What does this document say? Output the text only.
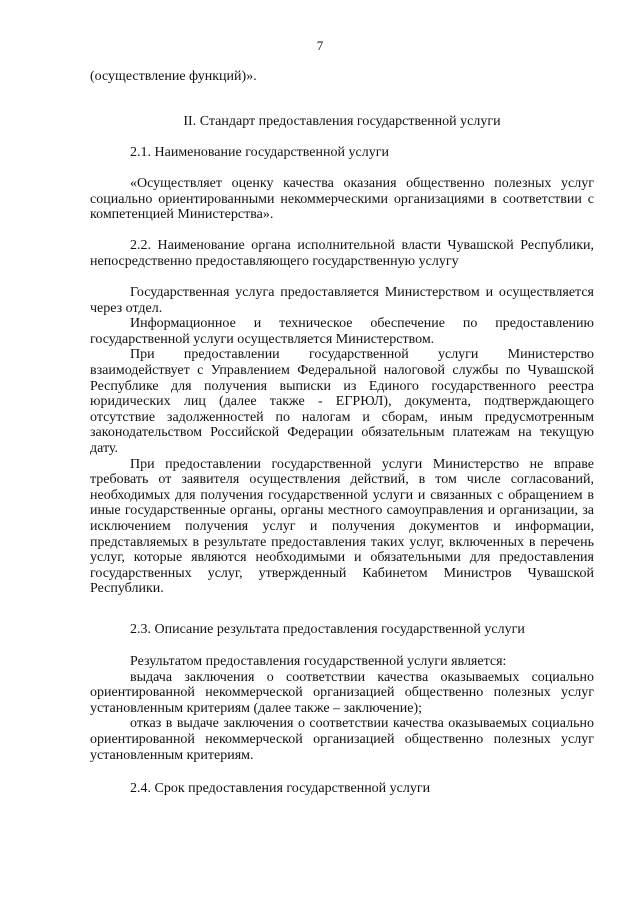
7

(осуществление функций)».

II. Стандарт предоставления государственной услуги

2.1. Наименование государственной услуги

«Осуществляет оценку качества оказания общественно полезных услуг социально ориентированными некоммерческими организациями в соответствии с компетенцией Министерства».

2.2. Наименование органа исполнительной власти Чувашской Республики, непосредственно предоставляющего государственную услугу

Государственная услуга предоставляется Министерством и осуществляется через отдел.

Информационное и техническое обеспечение по предоставлению государственной услуги осуществляется Министерством.

При предоставлении государственной услуги Министерство взаимодействует с Управлением Федеральной налоговой службы по Чувашской Республике для получения выписки из Единого государственного реестра юридических лиц (далее также - ЕГРЮЛ), документа, подтверждающего отсутствие задолженностей по налогам и сборам, иным предусмотренным законодательством Российской Федерации обязательным платежам на текущую дату.

При предоставлении государственной услуги Министерство не вправе требовать от заявителя осуществления действий, в том числе согласований, необходимых для получения государственной услуги и связанных с обращением в иные государственные органы, органы местного самоуправления и организации, за исключением получения услуг и получения документов и информации, представляемых в результате предоставления таких услуг, включенных в перечень услуг, которые являются необходимыми и обязательными для предоставления государственных услуг, утвержденный Кабинетом Министров Чувашской Республики.

2.3. Описание результата предоставления государственной услуги

Результатом предоставления государственной услуги является:

выдача заключения о соответствии качества оказываемых социально ориентированной некоммерческой организацией общественно полезных услуг установленным критериям (далее также – заключение);

отказ в выдаче заключения о соответствии качества оказываемых социально ориентированной некоммерческой организацией общественно полезных услуг установленным критериям.

2.4. Срок предоставления государственной услуги
